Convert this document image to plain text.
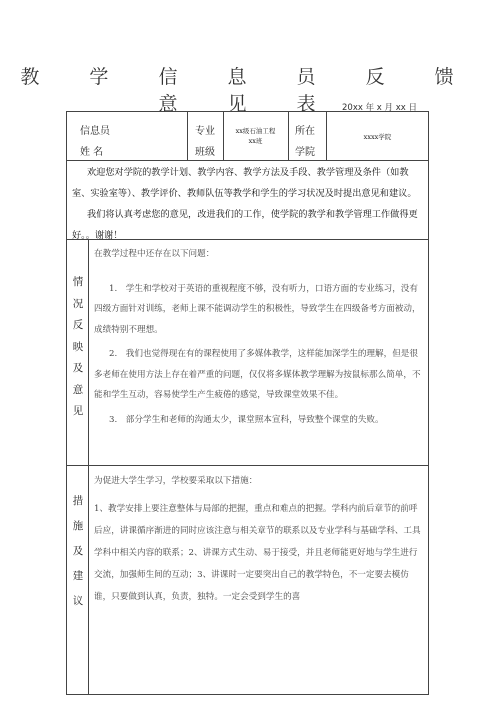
教 学 信 息 员 反 馈 意 见 表 20xx 年 x 月 xx 日
信息员
姓 名
专业
班级
xx级石油工程
xx班
所在
学院
xxxx学院

欢迎您对学院的教学计划、教学内容、教学方法及手段、教学管理及条件（如教室、实验室等）、教学评价、教师队伍等教学和学生的学习状况及时提出意见和建议。

我们将认真考虑您的意见，改进我们的工作，使学院的教学和教学管理工作做得更好。。谢谢！

情
况
反
映
及
意
见

在教学过程中还存在以下问题：

1.　学生和学校对于英语的重视程度不够，没有听力，口语方面的专业练习，没有四级方面针对训练，老师上课不能调动学生的积极性，导致学生在四级备考方面被动，成绩特别不理想。

2.　我们也觉得现在有的课程使用了多媒体教学，这样能加深学生的理解，但是很多老师在使用方法上存在着严重的问题，仅仅将多媒体教学理解为按鼠标那么简单，不能和学生互动，容易使学生产生疲倦的感觉，导致课堂效果不佳。

3.　部分学生和老师的沟通太少，课堂照本宣科，导致整个课堂的失败。

措
施
及
建
议

为促进大学生学习，学校要采取以下措施：

1、教学安排上要注意整体与局部的把握，重点和难点的把握。学科内前后章节的前呼后应，讲课循序渐进的同时应该注意与相关章节的联系以及专业学科与基础学科、工具学科中相关内容的联系；2、讲课方式生动、易于接受，并且老师能更好地与学生进行交流，加强师生间的互动；3、讲课时一定要突出自己的教学特色，不一定要去模仿谁，只要做到认真，负责，独特。一定会受到学生的喜
